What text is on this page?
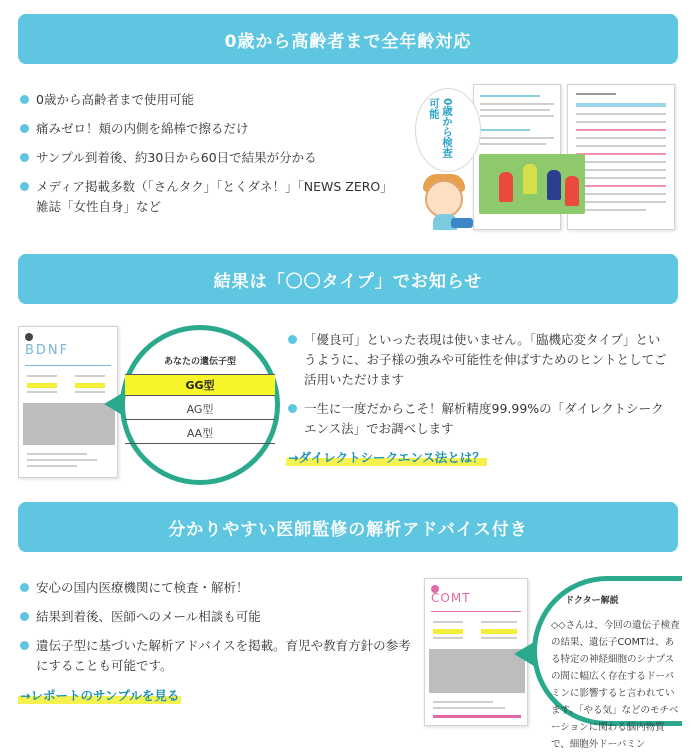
0歳から高齢者まで全年齢対応
0歳から高齢者まで使用可能
痛みゼロ！頬の内側を綿棒で擦るだけ
サンプル到着後、約30日から60日で結果が分かる
メディア掲載多数（「さんタク」「とくダネ！」「NEWS ZERO」雑誌「女性自身」など
0歳から検査可能
結果は「〇〇タイプ」でお知らせ
BDNF
あなたの遺伝子型
GG型
AG型
AA型
「優良可」といった表現は使いません。「臨機応変タイプ」というように、お子様の強みや可能性を伸ばすためのヒントとしてご活用いただけます
一生に一度だからこそ！解析精度99.99%の「ダイレクトシークエンス法」でお調べします
→ダイレクトシークエンス法とは？
分かりやすい医師監修の解析アドバイス付き
安心の国内医療機関にて検査・解析！
結果到着後、医師へのメール相談も可能
遺伝子型に基づいた解析アドバイスを掲載。育児や教育方針の参考にすることも可能です。
→レポートのサンプルを見る
COMT	ドクター解説
◇◇さんは、今回の遺伝子検査の結果、遺伝子COMTは、ある特定の神経細胞のシナプスの間に幅広く存在するドーパミンに影響すると言われています。「やる気」などのモチベーションに関わる脳内物質で、細胞外ドーパミン
